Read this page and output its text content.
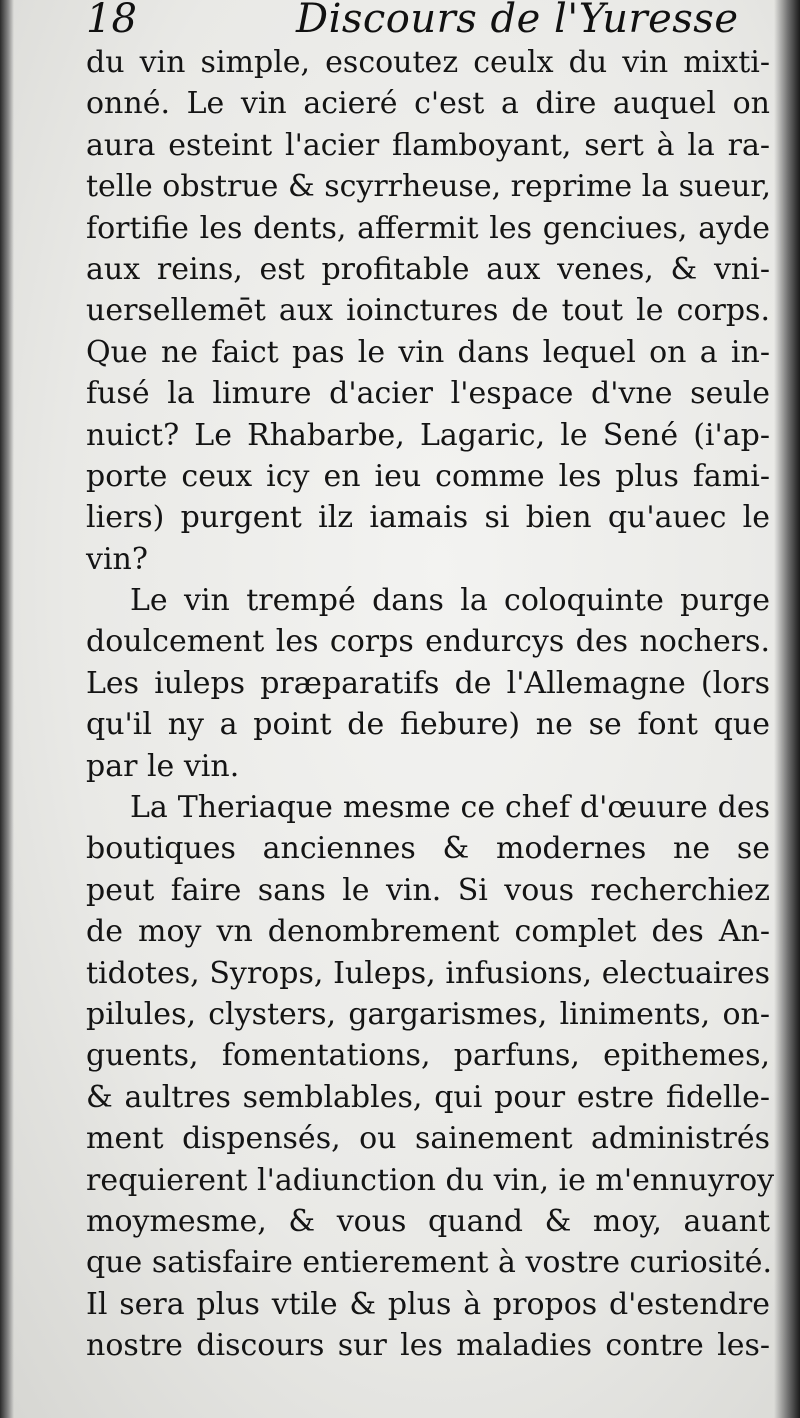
18	Discours de l'Yuresse
du vin simple, escoutez ceulx du vin mixti-
onné. Le vin acieré c'est a dire auquel on
aura esteint l'acier flamboyant, sert à la ra-
telle obstrue & scyrrheuse, reprime la sueur,
fortifie les dents, affermit les genciues, ayde
aux reins, est profitable aux venes, & vni-
uersellemēt aux ioinctures de tout le corps.
Que ne faict pas le vin dans lequel on a in-
fusé la limure d'acier l'espace d'vne seule
nuict? Le Rhabarbe, Lagaric, le Sené (i'ap-
porte ceux icy en ieu comme les plus fami-
liers) purgent ilz iamais si bien qu'auec le
vin?
Le vin trempé dans la coloquinte purge
doulcement les corps endurcys des nochers.
Les iuleps præparatifs de l'Allemagne (lors
qu'il ny a point de fiebure) ne se font que
par le vin.
La Theriaque mesme ce chef d'œuure des
boutiques anciennes & modernes ne se
peut faire sans le vin. Si vous recherchiez
de moy vn denombrement complet des An-
tidotes, Syrops, Iuleps, infusions, electuaires
pilules, clysters, gargarismes, liniments, on-
guents, fomentations, parfuns, epithemes,
& aultres semblables, qui pour estre fidelle-
ment dispensés, ou sainement administrés
requierent l'adiunction du vin, ie m'ennuyroy
moymesme, & vous quand & moy, auant
que satisfaire entierement à vostre curiosité.
Il sera plus vtile & plus à propos d'estendre
nostre discours sur les maladies contre les-
